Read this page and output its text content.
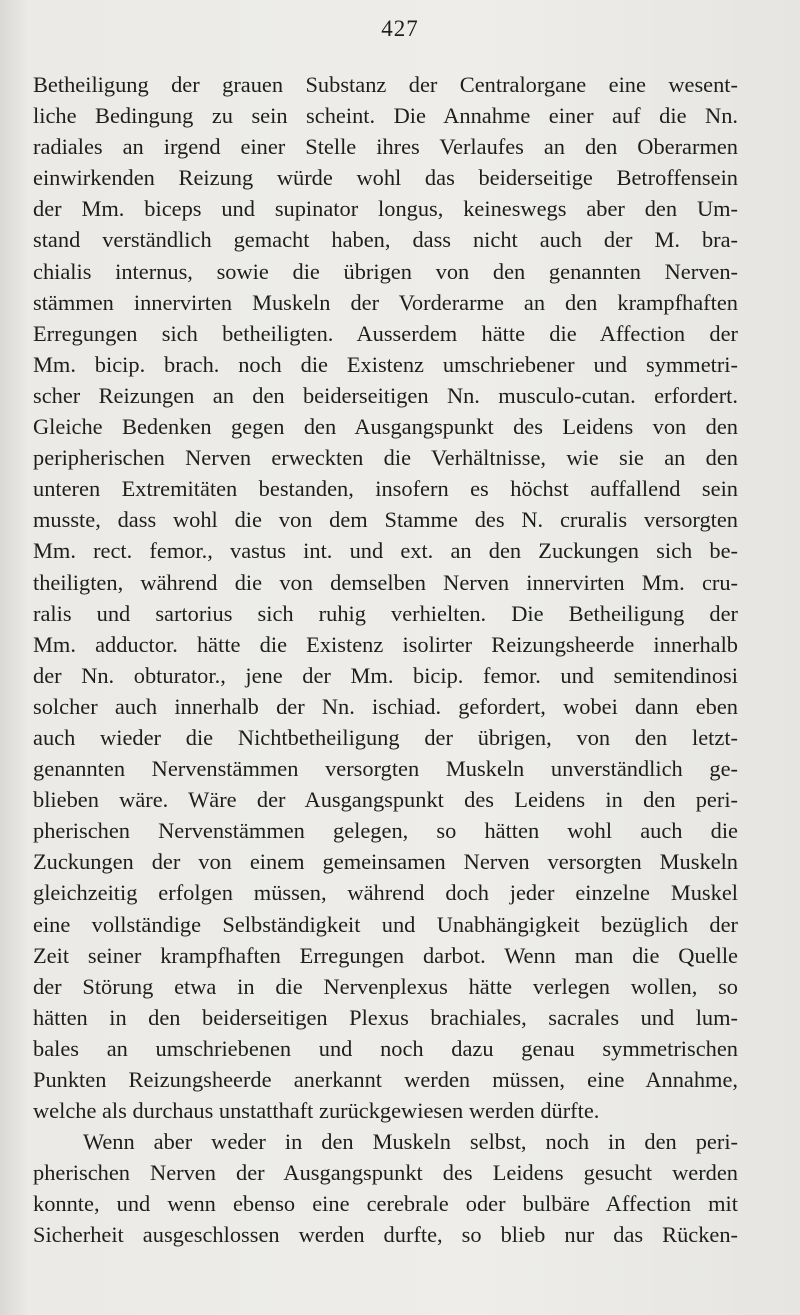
427
Betheiligung der grauen Substanz der Centralorgane eine wesent-
liche Bedingung zu sein scheint. Die Annahme einer auf die Nn.
radiales an irgend einer Stelle ihres Verlaufes an den Oberarmen
einwirkenden Reizung würde wohl das beiderseitige Betroffensein
der Mm. biceps und supinator longus, keineswegs aber den Um-
stand verständlich gemacht haben, dass nicht auch der M. bra-
chialis internus, sowie die übrigen von den genannten Nerven-
stämmen innervirten Muskeln der Vorderarme an den krampfhaften
Erregungen sich betheiligten. Ausserdem hätte die Affection der
Mm. bicip. brach. noch die Existenz umschriebener und symmetri-
scher Reizungen an den beiderseitigen Nn. musculo-cutan. erfordert.
Gleiche Bedenken gegen den Ausgangspunkt des Leidens von den
peripherischen Nerven erweckten die Verhältnisse, wie sie an den
unteren Extremitäten bestanden, insofern es höchst auffallend sein
musste, dass wohl die von dem Stamme des N. cruralis versorgten
Mm. rect. femor., vastus int. und ext. an den Zuckungen sich be-
theiligten, während die von demselben Nerven innervirten Mm. cru-
ralis und sartorius sich ruhig verhielten. Die Betheiligung der
Mm. adductor. hätte die Existenz isolirter Reizungsheerde innerhalb
der Nn. obturator., jene der Mm. bicip. femor. und semitendinosi
solcher auch innerhalb der Nn. ischiad. gefordert, wobei dann eben
auch wieder die Nichtbetheiligung der übrigen, von den letzt-
genannten Nervenstämmen versorgten Muskeln unverständlich ge-
blieben wäre. Wäre der Ausgangspunkt des Leidens in den peri-
pherischen Nervenstämmen gelegen, so hätten wohl auch die
Zuckungen der von einem gemeinsamen Nerven versorgten Muskeln
gleichzeitig erfolgen müssen, während doch jeder einzelne Muskel
eine vollständige Selbständigkeit und Unabhängigkeit bezüglich der
Zeit seiner krampfhaften Erregungen darbot. Wenn man die Quelle
der Störung etwa in die Nervenplexus hätte verlegen wollen, so
hätten in den beiderseitigen Plexus brachiales, sacrales und lum-
bales an umschriebenen und noch dazu genau symmetrischen
Punkten Reizungsheerde anerkannt werden müssen, eine Annahme,
welche als durchaus unstatthaft zurückgewiesen werden dürfte.
Wenn aber weder in den Muskeln selbst, noch in den peri-
pherischen Nerven der Ausgangspunkt des Leidens gesucht werden
konnte, und wenn ebenso eine cerebrale oder bulbäre Affection mit
Sicherheit ausgeschlossen werden durfte, so blieb nur das Rücken-
